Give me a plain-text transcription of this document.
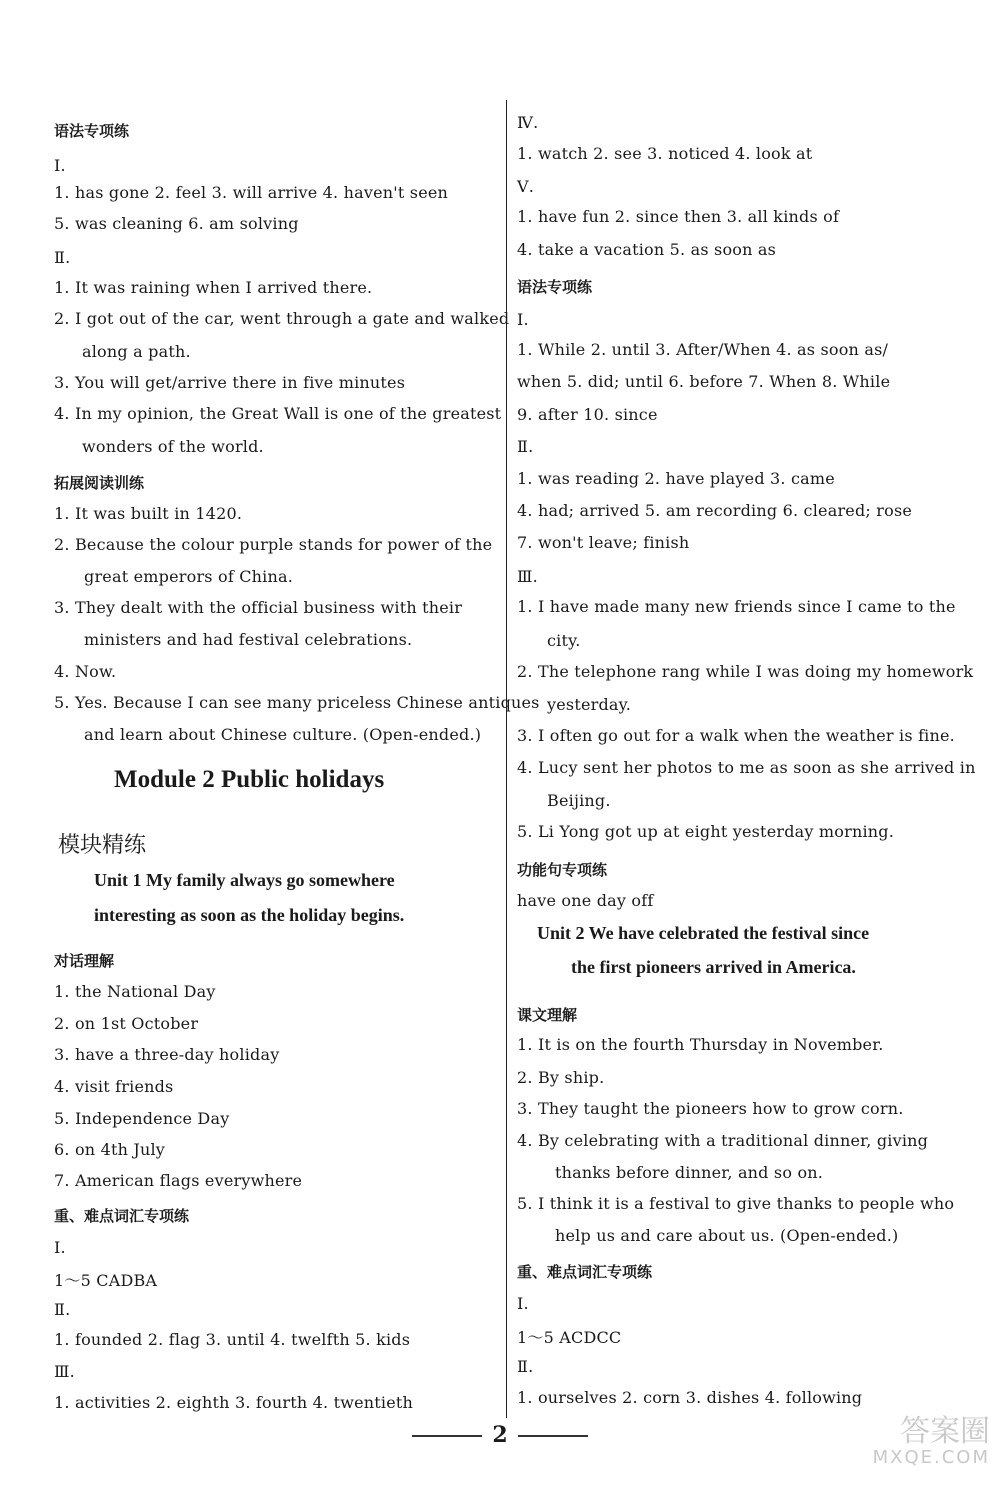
语法专项练
Ⅰ.
1. has gone 2. feel 3. will arrive 4. haven't seen
5. was cleaning 6. am solving
Ⅱ.
1. It was raining when I arrived there.
2. I got out of the car, went through a gate and walked
along a path.
3. You will get/arrive there in five minutes
4. In my opinion, the Great Wall is one of the greatest
wonders of the world.
拓展阅读训练
1. It was built in 1420.
2. Because the colour purple stands for power of the
great emperors of China.
3. They dealt with the official business with their
ministers and had festival celebrations.
4. Now.
5. Yes. Because I can see many priceless Chinese antiques
and learn about Chinese culture. (Open-ended.)
Module 2 Public holidays
模块精练
Unit 1 My family always go somewhere
interesting as soon as the holiday begins.
对话理解
1. the National Day
2. on 1st October
3. have a three-day holiday
4. visit friends
5. Independence Day
6. on 4th July
7. American flags everywhere
重、难点词汇专项练
Ⅰ.
1～5 CADBA
Ⅱ.
1. founded 2. flag 3. until 4. twelfth 5. kids
Ⅲ.
1. activities 2. eighth 3. fourth 4. twentieth
Ⅳ.
1. watch 2. see 3. noticed 4. look at
Ⅴ.
1. have fun 2. since then 3. all kinds of
4. take a vacation 5. as soon as
语法专项练
Ⅰ.
1. While 2. until 3. After/When 4. as soon as/
when 5. did; until 6. before 7. When 8. While
9. after 10. since
Ⅱ.
1. was reading 2. have played 3. came
4. had; arrived 5. am recording 6. cleared; rose
7. won't leave; finish
Ⅲ.
1. I have made many new friends since I came to the
city.
2. The telephone rang while I was doing my homework
yesterday.
3. I often go out for a walk when the weather is fine.
4. Lucy sent her photos to me as soon as she arrived in
Beijing.
5. Li Yong got up at eight yesterday morning.
功能句专项练
have one day off
Unit 2 We have celebrated the festival since
the first pioneers arrived in America.
课文理解
1. It is on the fourth Thursday in November.
2. By ship.
3. They taught the pioneers how to grow corn.
4. By celebrating with a traditional dinner, giving
thanks before dinner, and so on.
5. I think it is a festival to give thanks to people who
help us and care about us. (Open-ended.)
重、难点词汇专项练
Ⅰ.
1～5 ACDCC
Ⅱ.
1. ourselves 2. corn 3. dishes 4. following
2	答案圈
MXQE.COM
